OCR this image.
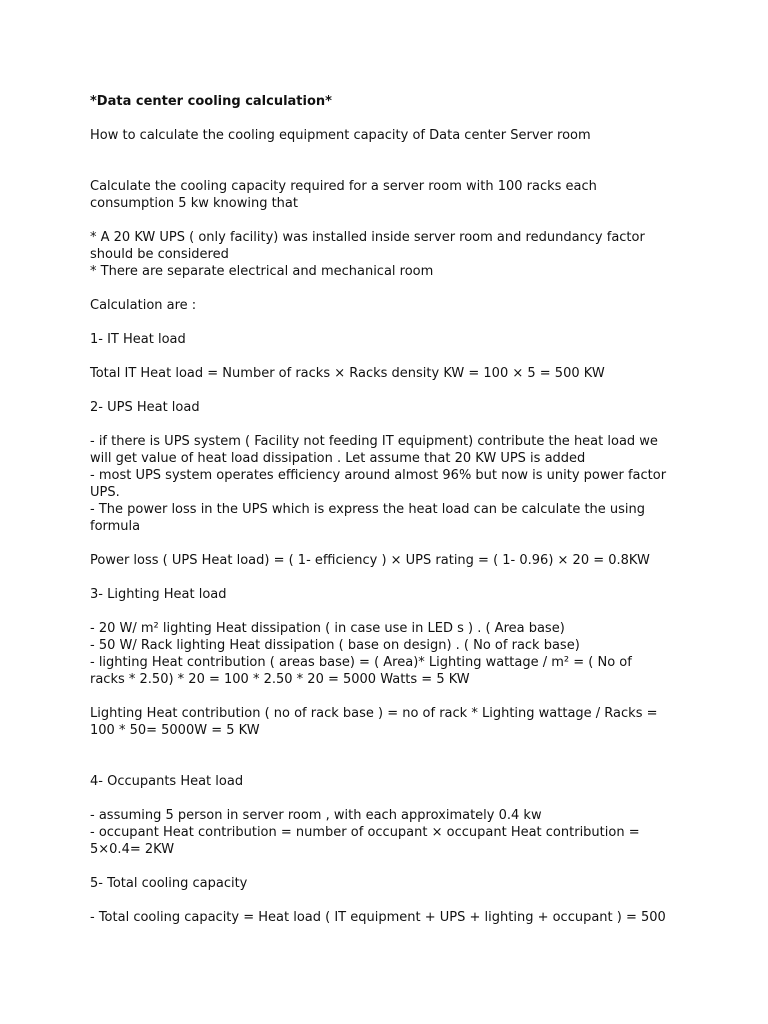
*Data center cooling calculation*
How to calculate the cooling equipment capacity of Data center Server room
Calculate the cooling capacity required for a server room with 100 racks each
consumption 5 kw knowing that
* A 20 KW UPS ( only facility) was installed inside server room and redundancy factor
should be considered
* There are separate electrical and mechanical room
Calculation are :
1- IT Heat load
Total IT Heat load = Number of racks × Racks density KW = 100 × 5 = 500 KW
2- UPS Heat load
- if there is UPS system ( Facility not feeding IT equipment) contribute the heat load we
will get value of heat load dissipation . Let assume that 20 KW UPS is added
- most UPS system operates efficiency around almost 96% but now is unity power factor
UPS.
- The power loss in the UPS which is express the heat load can be calculate the using
formula
Power loss ( UPS Heat load) = ( 1- efficiency ) × UPS rating = ( 1- 0.96) × 20 = 0.8KW
3- Lighting Heat load
- 20 W/ m² lighting Heat dissipation ( in case use in LED s ) . ( Area base)
- 50 W/ Rack lighting Heat dissipation ( base on design) . ( No of rack base)
- lighting Heat contribution ( areas base) = ( Area)* Lighting wattage / m² = ( No of
racks * 2.50) * 20 = 100 * 2.50 * 20 = 5000 Watts = 5 KW
Lighting Heat contribution ( no of rack base ) = no of rack * Lighting wattage / Racks =
100 * 50= 5000W = 5 KW
4- Occupants Heat load
- assuming 5 person in server room , with each approximately 0.4 kw
- occupant Heat contribution = number of occupant × occupant Heat contribution =
5×0.4= 2KW
5- Total cooling capacity
- Total cooling capacity = Heat load ( IT equipment + UPS + lighting + occupant ) = 500
